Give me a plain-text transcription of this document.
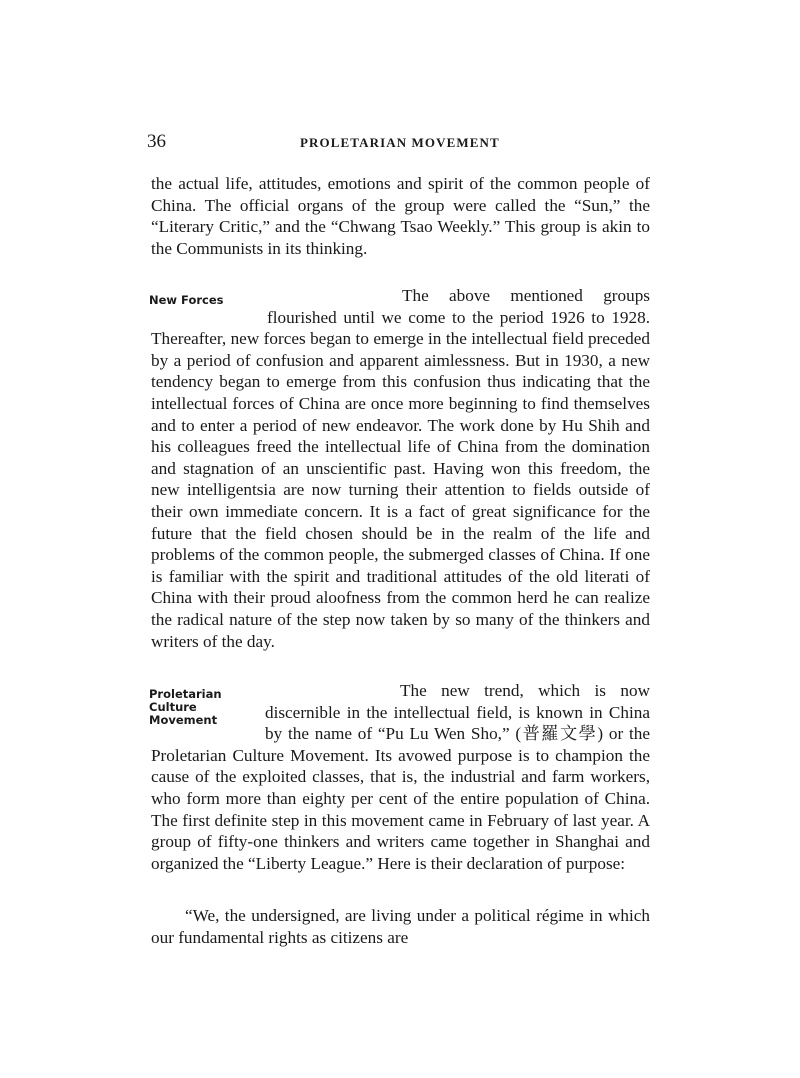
36	PROLETARIAN MOVEMENT

the actual life, attitudes, emotions and spirit of the common people of China. The official organs of the group were called the “Sun,” the “Literary Critic,” and the “Chwang Tsao Weekly.” This group is akin to the Communists in its thinking.

New Forces	The above mentioned groups flourished until we come to the period 1926 to 1928. Thereafter, new forces began to emerge in the intellectual field preceded by a period of confusion and apparent aimlessness. But in 1930, a new tendency began to emerge from this confusion thus indicating that the intellectual forces of China are once more beginning to find themselves and to enter a period of new endeavor. The work done by Hu Shih and his colleagues freed the intellectual life of China from the domination and stagnation of an unscientific past. Having won this freedom, the new intelligentsia are now turning their attention to fields outside of their own immediate concern. It is a fact of great significance for the future that the field chosen should be in the realm of the life and problems of the common people, the submerged classes of China. If one is familiar with the spirit and traditional attitudes of the old literati of China with their proud aloofness from the common herd he can realize the radical nature of the step now taken by so many of the thinkers and writers of the day.
Proletarian
Culture
Movement
The new trend, which is now discernible in the intellectual field, is known in China by the name of “Pu Lu Wen Sho,” (普羅文學) or the Proletarian Culture Movement. Its avowed purpose is to champion the cause of the exploited classes, that is, the industrial and farm workers, who form more than eighty per cent of the entire population of China. The first definite step in this movement came in February of last year. A group of fifty-one thinkers and writers came together in Shanghai and organized the “Liberty League.” Here is their declaration of purpose:

“We, the undersigned, are living under a political régime in which our fundamental rights as citizens are
